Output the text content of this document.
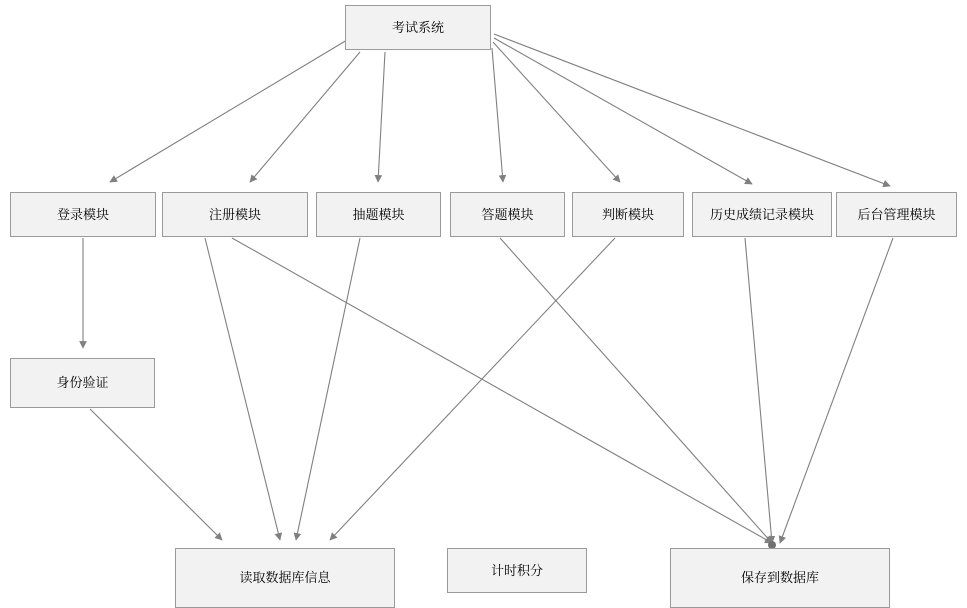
考试系统
登录模块	注册模块	抽题模块	答题模块	判断模块	历史成绩记录模块	后台管理模块
身份验证
读取数据库信息	计时积分	保存到数据库
